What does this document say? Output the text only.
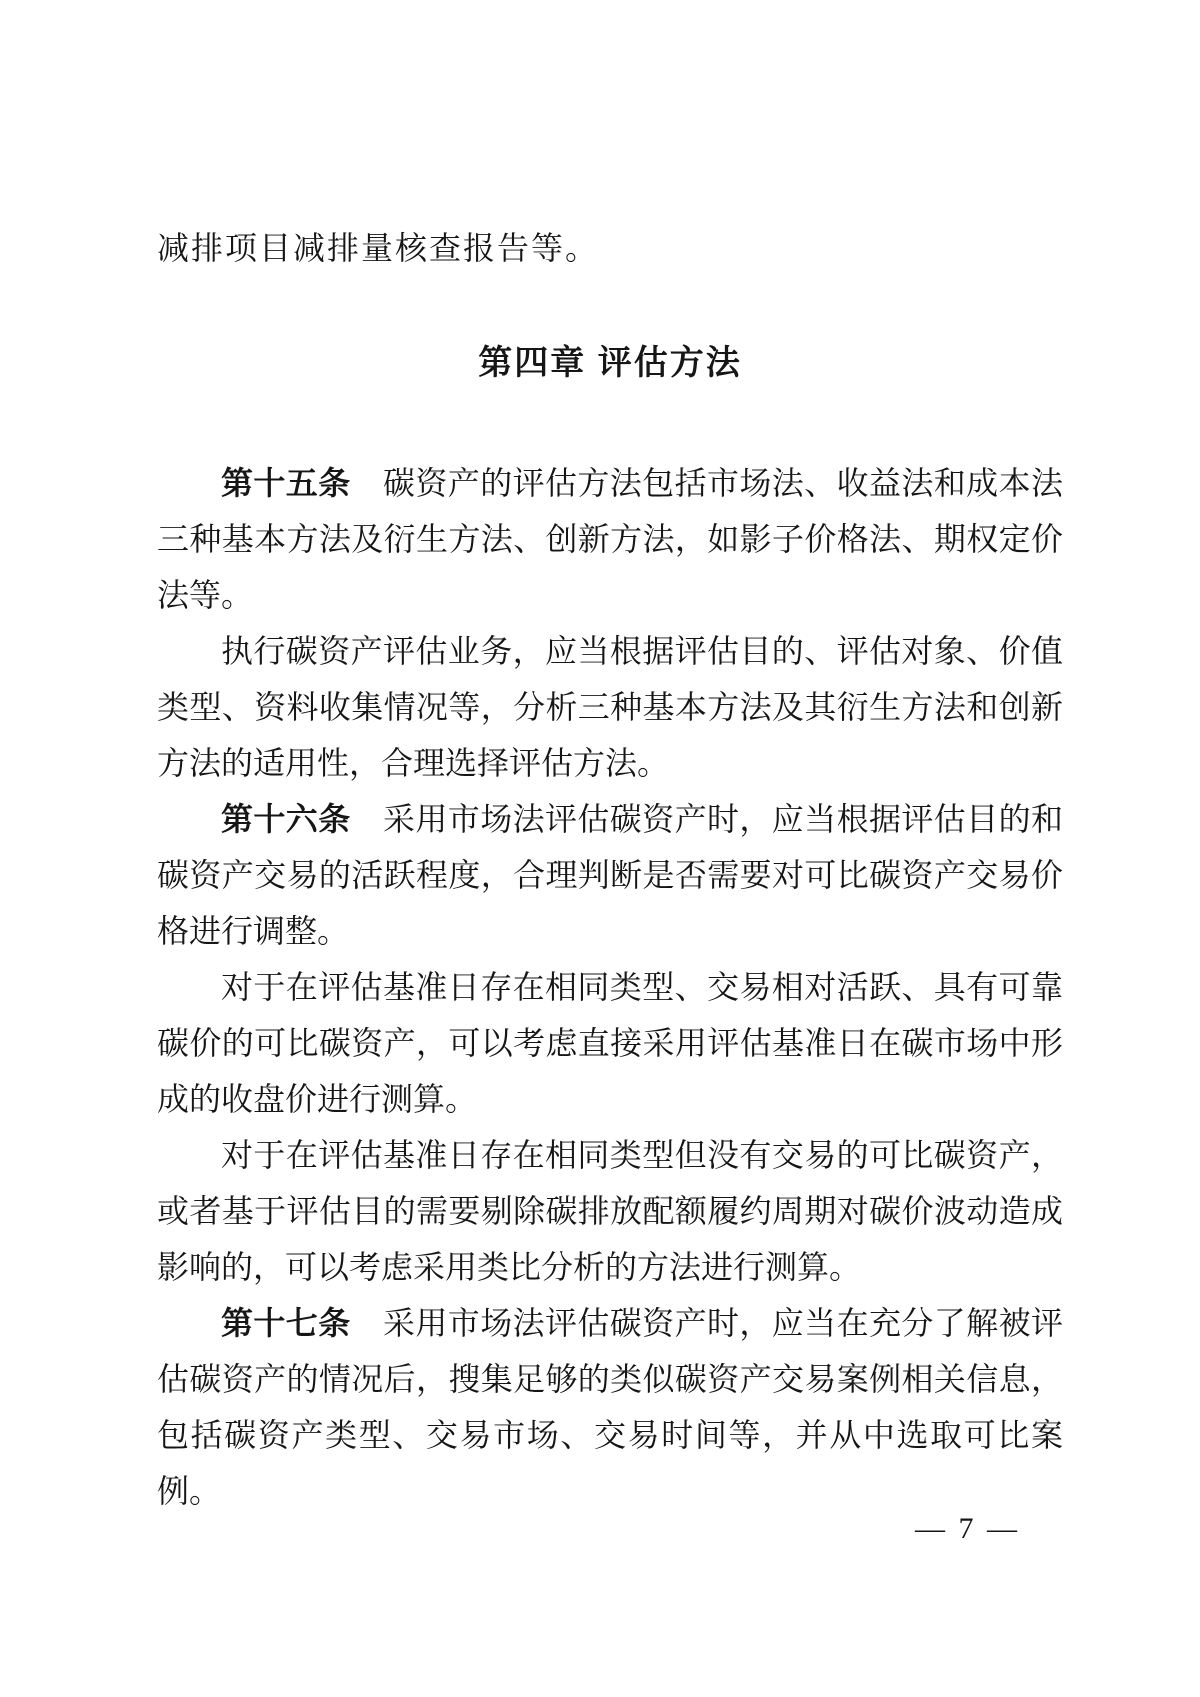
减排项目减排量核查报告等。

第四章 评估方法

第十五条 碳资产的评估方法包括市场法、收益法和成本法三种基本方法及衍生方法、创新方法，如影子价格法、期权定价法等。

执行碳资产评估业务，应当根据评估目的、评估对象、价值类型、资料收集情况等，分析三种基本方法及其衍生方法和创新方法的适用性，合理选择评估方法。

第十六条 采用市场法评估碳资产时，应当根据评估目的和碳资产交易的活跃程度，合理判断是否需要对可比碳资产交易价格进行调整。

对于在评估基准日存在相同类型、交易相对活跃、具有可靠碳价的可比碳资产，可以考虑直接采用评估基准日在碳市场中形成的收盘价进行测算。

对于在评估基准日存在相同类型但没有交易的可比碳资产，或者基于评估目的需要剔除碳排放配额履约周期对碳价波动造成影响的，可以考虑采用类比分析的方法进行测算。

第十七条 采用市场法评估碳资产时，应当在充分了解被评估碳资产的情况后，搜集足够的类似碳资产交易案例相关信息，包括碳资产类型、交易市场、交易时间等，并从中选取可比案例。

— 7 —
